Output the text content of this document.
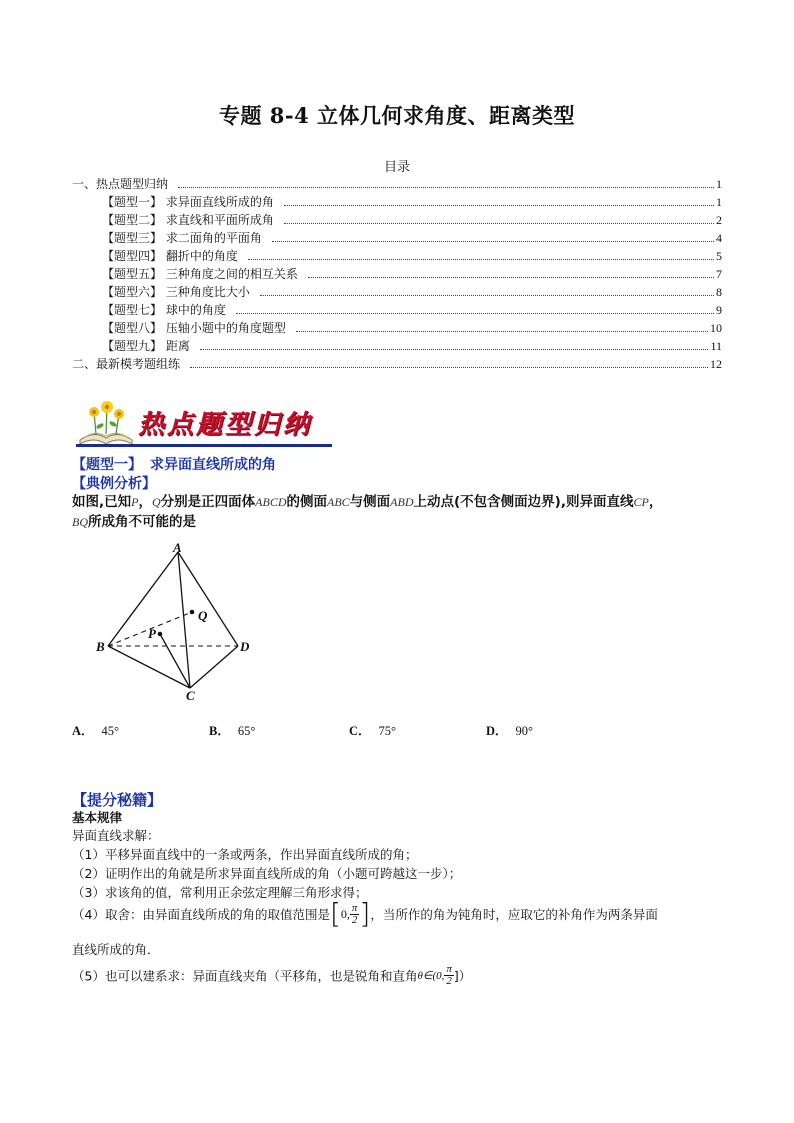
专题 8-4 立体几何求角度、距离类型
目录
一、热点题型归纳	1
【题型一】 求异面直线所成的角	1
【题型二】 求直线和平面所成角	2
【题型三】 求二面角的平面角	4
【题型四】 翻折中的角度	5
【题型五】 三种角度之间的相互关系	7
【题型六】 三种角度比大小	8
【题型七】 球中的角度	9
【题型八】 压轴小题中的角度题型	10
【题型九】 距离	11
二、最新模考题组练	12
热点题型归纳
【题型一】 求异面直线所成的角
【典例分析】
如图,已知P，Q分别是正四面体ABCD的侧面ABC与侧面ABD上动点(不包含侧面边界),则异面直线CP，
BQ所成角不可能的是
A
B
C
D
P
Q
A． 45°	B． 65°	C． 75°	D． 90°
【提分秘籍】
基本规律
异面直线求解：
（1）平移异面直线中的一条或两条，作出异面直线所成的角；
（2）证明作出的角就是所求异面直线所成的角（小题可跨越这一步）；
（3）求该角的值，常利用正余弦定理解三角形求得；
（4）取舍：由异面直线所成的角的取值范围是[0, $\frac{\pi}{2}$ ]，当所作的角为钝角时，应取它的补角作为两条异面
直线所成的角．
（5）也可以建系求：异面直线夹角（平移角，也是锐角和直角θ∈(0, $\frac{\pi}{2}$ ]）
